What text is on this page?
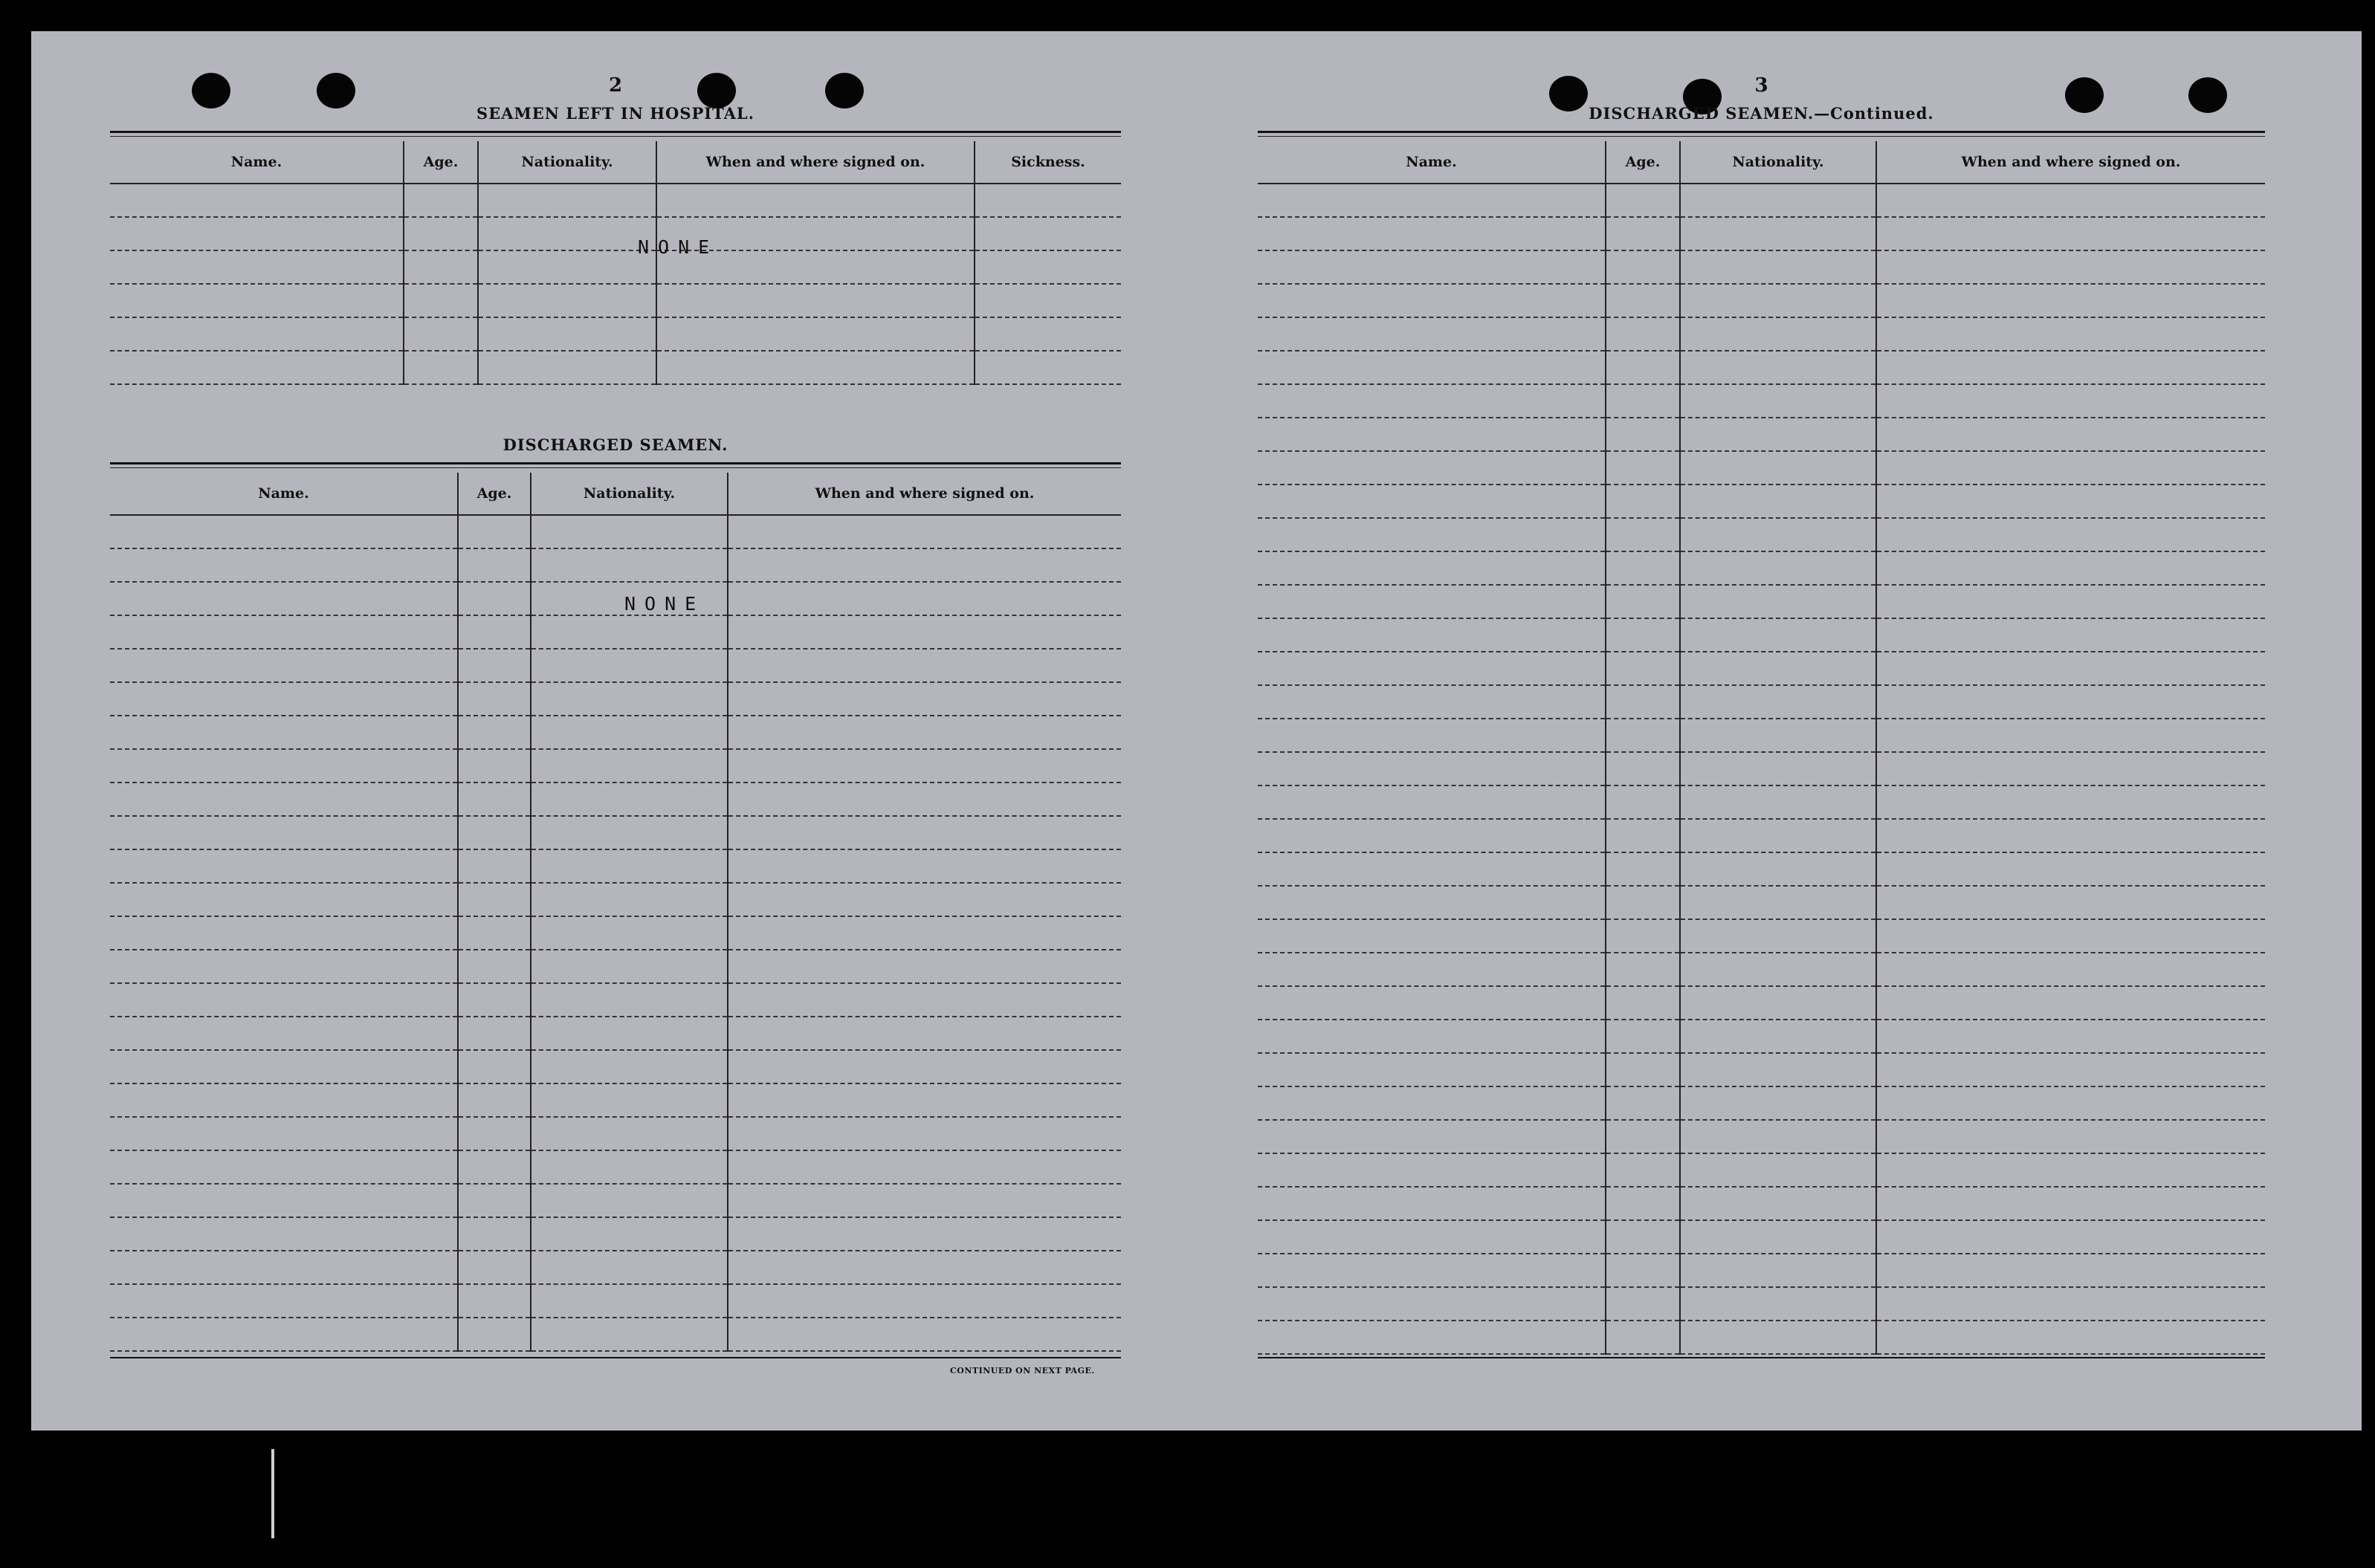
2
SEAMEN LEFT IN HOSPITAL.
Name.	Age.	Nationality.	When and where signed on.	Sickness.

NONE
DISCHARGED SEAMEN.
Name.	Age.	Nationality.	When and where signed on.

NONE
CONTINUED ON NEXT PAGE.
3
DISCHARGED SEAMEN.—Continued.
Name.	Age.	Nationality.	When and where signed on.
